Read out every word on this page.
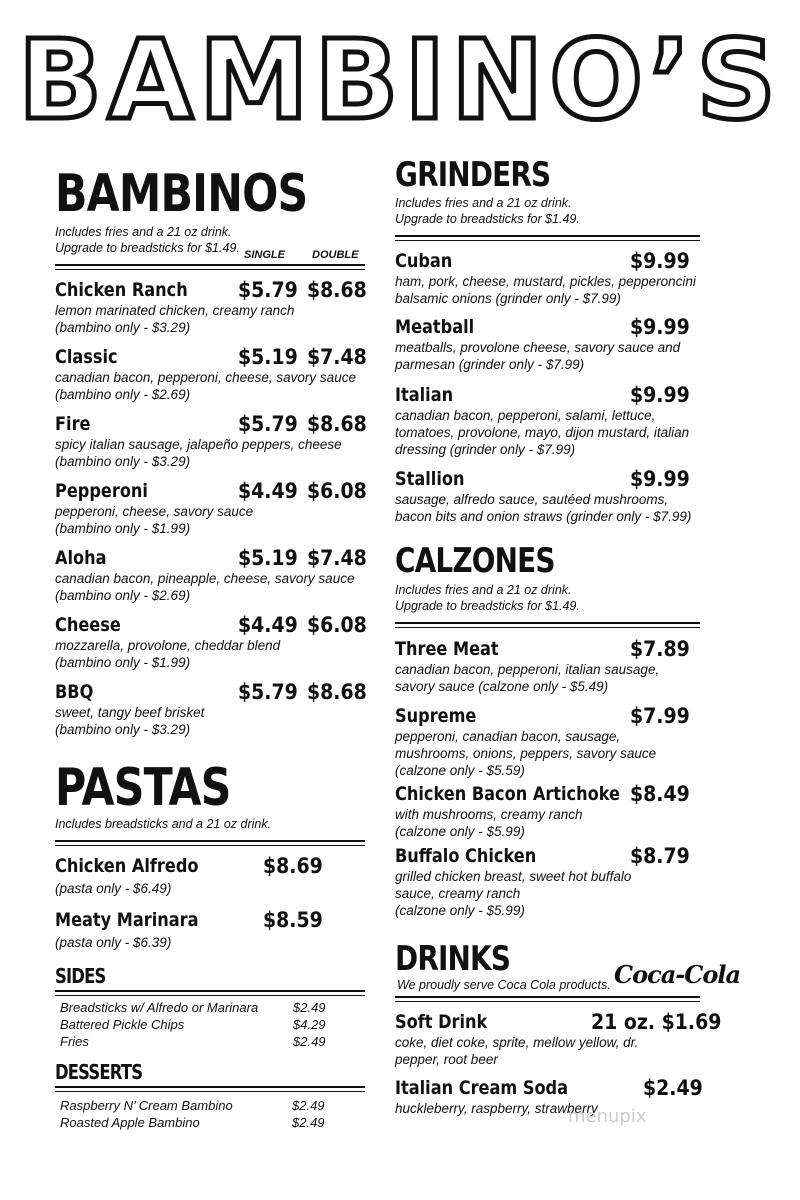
BAMBINO’S
BAMBINOS
Includes fries and a 21 oz drink.
Upgrade to breadsticks for $1.49. SINGLE DOUBLE
Chicken Ranch $5.79 $8.68
lemon marinated chicken, creamy ranch
(bambino only - $3.29)
Classic	$5.19 $7.48
canadian bacon, pepperoni, cheese, savory sauce
(bambino only - $2.69)
Fire	$5.79 $8.68
spicy italian sausage, jalapeño peppers, cheese
(bambino only - $3.29)
Pepperoni	$4.49 $6.08
pepperoni, cheese, savory sauce
(bambino only - $1.99)
Aloha	$5.19 $7.48
canadian bacon, pineapple, cheese, savory sauce
(bambino only - $2.69)
Cheese	$4.49 $6.08
mozzarella, provolone, cheddar blend
(bambino only - $1.99)
BBQ	$5.79 $8.68
sweet, tangy beef brisket
(bambino only - $3.29)
PASTAS
Includes breadsticks and a 21 oz drink.
Chicken Alfredo	$8.69
(pasta only - $6.49)
Meaty Marinara	$8.59
(pasta only - $6.39)
SIDES
Breadsticks w/ Alfredo or Marinara	$2.49
Battered Pickle Chips	$4.29
Fries	$2.49
DESSERTS
Raspberry N’ Cream Bambino	$2.49
Roasted Apple Bambino	$2.49
GRINDERS
Includes fries and a 21 oz drink.
Upgrade to breadsticks for $1.49.
Cuban	$9.99
ham, pork, cheese, mustard, pickles, pepperoncini
balsamic onions (grinder only - $7.99)
Meatball	$9.99
meatballs, provolone cheese, savory sauce and
parmesan (grinder only - $7.99)
Italian	$9.99
canadian bacon, pepperoni, salami, lettuce,
tomatoes, provolone, mayo, dijon mustard, italian
dressing (grinder only - $7.99)
Stallion	$9.99
sausage, alfredo sauce, sautéed mushrooms,
bacon bits and onion straws (grinder only - $7.99)
CALZONES
Includes fries and a 21 oz drink.
Upgrade to breadsticks for $1.49.
Three Meat	$7.89
canadian bacon, pepperoni, italian sausage,
savory sauce (calzone only - $5.49)
Supreme	$7.99
pepperoni, canadian bacon, sausage,
mushrooms, onions, peppers, savory sauce
(calzone only - $5.59)
Chicken Bacon Artichoke $8.49
with mushrooms, creamy ranch
(calzone only - $5.99)
Buffalo Chicken	$8.79
grilled chicken breast, sweet hot buffalo
sauce, creamy ranch
(calzone only - $5.99)
DRINKS
We proudly serve Coca Cola products. Coca-Cola
Soft Drink	21 oz. $1.69
coke, diet coke, sprite, mellow yellow, dr.
pepper, root beer
Italian Cream Soda	$2.49
huckleberry, raspberry, strawberry
menupix
